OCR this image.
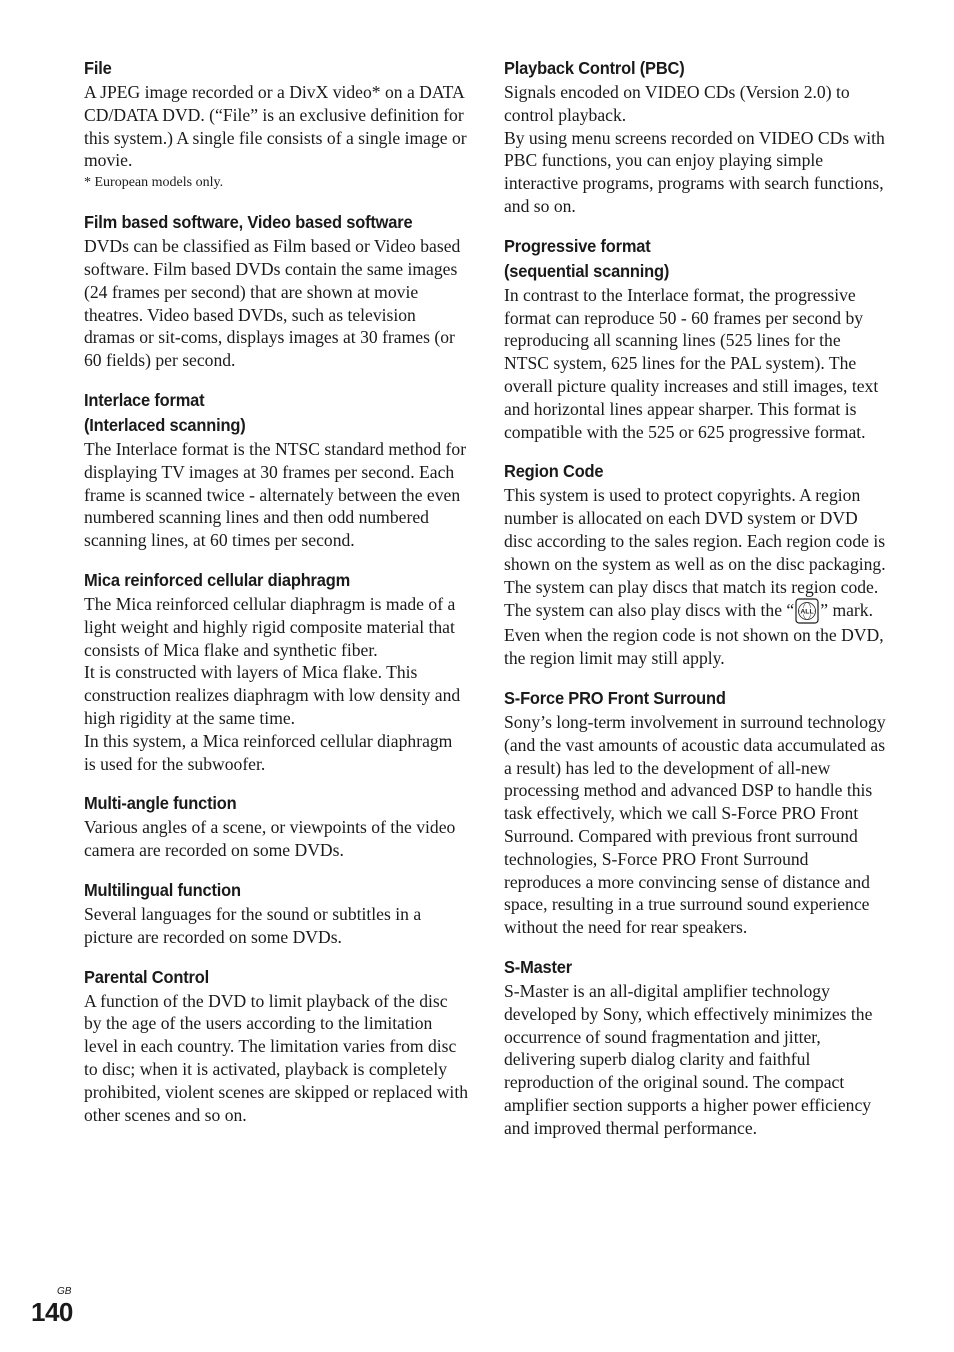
File

A JPEG image recorded or a DivX video* on a DATA CD/DATA DVD. (“File” is an exclusive definition for this system.) A single file consists of a single image or movie.

* European models only.

Film based software, Video based software

DVDs can be classified as Film based or Video based software. Film based DVDs contain the same images (24 frames per second) that are shown at movie theatres. Video based DVDs, such as television dramas or sit-coms, displays images at 30 frames (or 60 fields) per second.

Interlace format
(Interlaced scanning)

The Interlace format is the NTSC standard method for displaying TV images at 30 frames per second. Each frame is scanned twice - alternately between the even numbered scanning lines and then odd numbered scanning lines, at 60 times per second.

Mica reinforced cellular diaphragm

The Mica reinforced cellular diaphragm is made of a light weight and highly rigid composite material that consists of Mica flake and synthetic fiber.
It is constructed with layers of Mica flake. This construction realizes diaphragm with low density and high rigidity at the same time.
In this system, a Mica reinforced cellular diaphragm is used for the subwoofer.

Multi-angle function

Various angles of a scene, or viewpoints of the video camera are recorded on some DVDs.

Multilingual function

Several languages for the sound or subtitles in a picture are recorded on some DVDs.

Parental Control

A function of the DVD to limit playback of the disc by the age of the users according to the limitation level in each country. The limitation varies from disc to disc; when it is activated, playback is completely prohibited, violent scenes are skipped or replaced with other scenes and so on.

Playback Control (PBC)

Signals encoded on VIDEO CDs (Version 2.0) to control playback.
By using menu screens recorded on VIDEO CDs with PBC functions, you can enjoy playing simple interactive programs, programs with search functions, and so on.

Progressive format
(sequential scanning)

In contrast to the Interlace format, the progressive format can reproduce 50 - 60 frames per second by reproducing all scanning lines (525 lines for the NTSC system, 625 lines for the PAL system). The overall picture quality increases and still images, text and horizontal lines appear sharper. This format is compatible with the 525 or 625 progressive format.

Region Code

This system is used to protect copyrights. A region number is allocated on each DVD system or DVD disc according to the sales region. Each region code is shown on the system as well as on the disc packaging. The system can play discs that match its region code. The system can also play discs with the “ ALL ” mark. Even when the region code is not shown on the DVD, the region limit may still apply.

S-Force PRO Front Surround

Sony’s long-term involvement in surround technology (and the vast amounts of acoustic data accumulated as a result) has led to the development of all-new processing method and advanced DSP to handle this task effectively, which we call S-Force PRO Front Surround. Compared with previous front surround technologies, S-Force PRO Front Surround reproduces a more convincing sense of distance and space, resulting in a true surround sound experience without the need for rear speakers.

S-Master

S-Master is an all-digital amplifier technology developed by Sony, which effectively minimizes the occurrence of sound fragmentation and jitter, delivering superb dialog clarity and faithful reproduction of the original sound. The compact amplifier section supports a higher power efficiency and improved thermal performance.

GB
140
